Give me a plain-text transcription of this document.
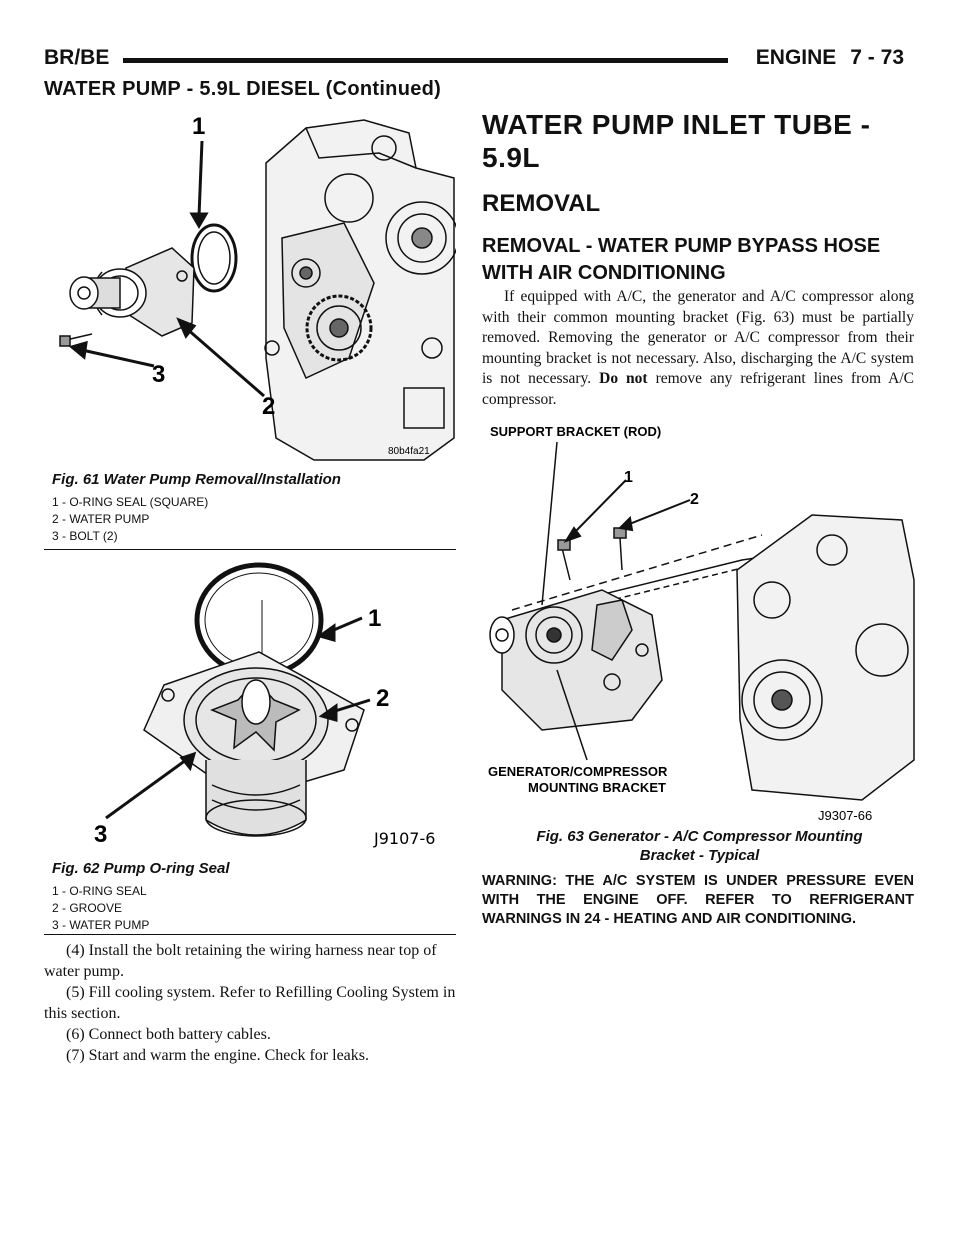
BR/BE	ENGINE 7 - 73
WATER PUMP - 5.9L DIESEL (Continued)
1
2
3
80b4fa21
Fig. 61 Water Pump Removal/Installation
1 - O-RING SEAL (SQUARE)
2 - WATER PUMP
3 - BOLT (2)
1
2
3	J9107-6
Fig. 62 Pump O-ring Seal
1 - O-RING SEAL
2 - GROOVE
3 - WATER PUMP

(4) Install the bolt retaining the wiring harness near top of water pump.

(5) Fill cooling system. Refer to Refilling Cooling System in this section.

(6) Connect both battery cables.

(7) Start and warm the engine. Check for leaks.

WATER PUMP INLET TUBE -
5.9L
REMOVAL
REMOVAL - WATER PUMP BYPASS HOSE
WITH AIR CONDITIONING

If equipped with A/C, the generator and A/C compressor along with their common mounting bracket (Fig. 63) must be partially removed. Removing the generator or A/C compressor from their mounting bracket is not necessary. Also, discharging the A/C system is not necessary. Do not remove any refrigerant lines from A/C compressor.

SUPPORT BRACKET (ROD)
1
2
GENERATOR/COMPRESSOR MOUNTING BRACKET
J9307-66
Fig. 63 Generator - A/C Compressor Mounting
Bracket - Typical
WARNING: THE A/C SYSTEM IS UNDER PRESSURE EVEN WITH THE ENGINE OFF. REFER TO REFRIGERANT WARNINGS IN 24 - HEATING AND AIR CONDITIONING.
